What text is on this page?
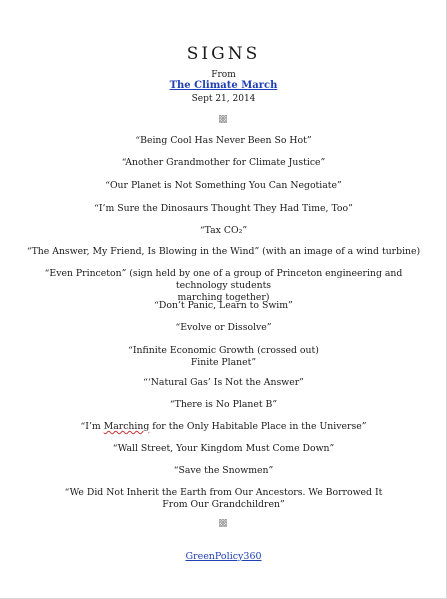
SIGNS
From
The Climate March
Sept 21, 2014
“Being Cool Has Never Been So Hot”
“Another Grandmother for Climate Justice”
“Our Planet is Not Something You Can Negotiate”
“I’m Sure the Dinosaurs Thought They Had Time, Too”
“Tax CO₂”
“The Answer, My Friend, Is Blowing in the Wind” (with an image of a wind turbine)
“Even Princeton” (sign held by one of a group of Princeton engineering and technology students
marching together)
“Don’t Panic, Learn to Swim”
“Evolve or Dissolve”
“Infinite Economic Growth (crossed out)
Finite Planet”
“‘Natural Gas’ Is Not the Answer”
“There is No Planet B”
“I’m Marching for the Only Habitable Place in the Universe”
“Wall Street, Your Kingdom Must Come Down”
“Save the Snowmen”
“We Did Not Inherit the Earth from Our Ancestors. We Borrowed It
From Our Grandchildren”
GreenPolicy360
